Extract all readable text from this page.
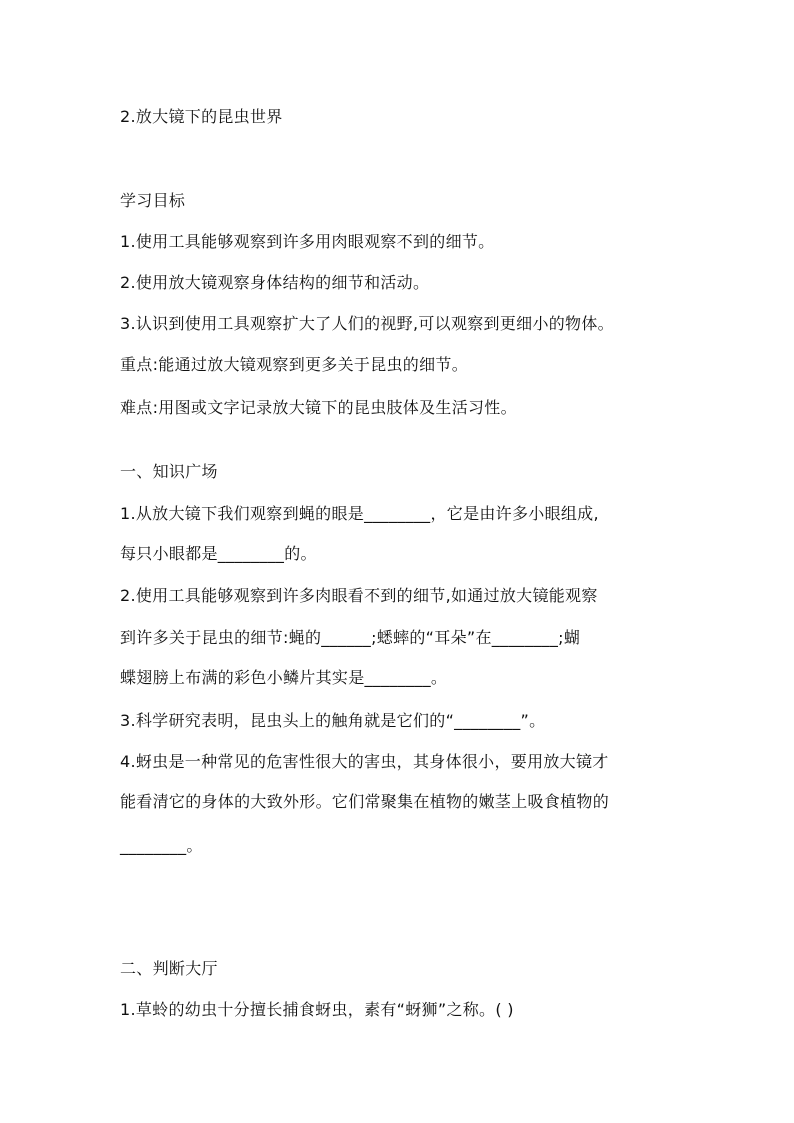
2.放大镜下的昆虫世界
学习目标
1.使用工具能够观察到许多用肉眼观察不到的细节。
2.使用放大镜观察身体结构的细节和活动。
3.认识到使用工具观察扩大了人们的视野,可以观察到更细小的物体。
重点:能通过放大镜观察到更多关于昆虫的细节。
难点:用图或文字记录放大镜下的昆虫肢体及生活习性。
一、知识广场
1.从放大镜下我们观察到蝇的眼是________，它是由许多小眼组成,
每只小眼都是________的。
2.使用工具能够观察到许多肉眼看不到的细节,如通过放大镜能观察
到许多关于昆虫的细节:蝇的______;蟋蟀的“耳朵”在________;蝴
蝶翅膀上布满的彩色小鳞片其实是________。
3.科学研究表明，昆虫头上的触角就是它们的“________”。
4.蚜虫是一种常见的危害性很大的害虫，其身体很小，要用放大镜才
能看清它的身体的大致外形。它们常聚集在植物的嫩茎上吸食植物的
________。
二、判断大厅
1.草蛉的幼虫十分擅长捕食蚜虫，素有“蚜狮”之称。( )
